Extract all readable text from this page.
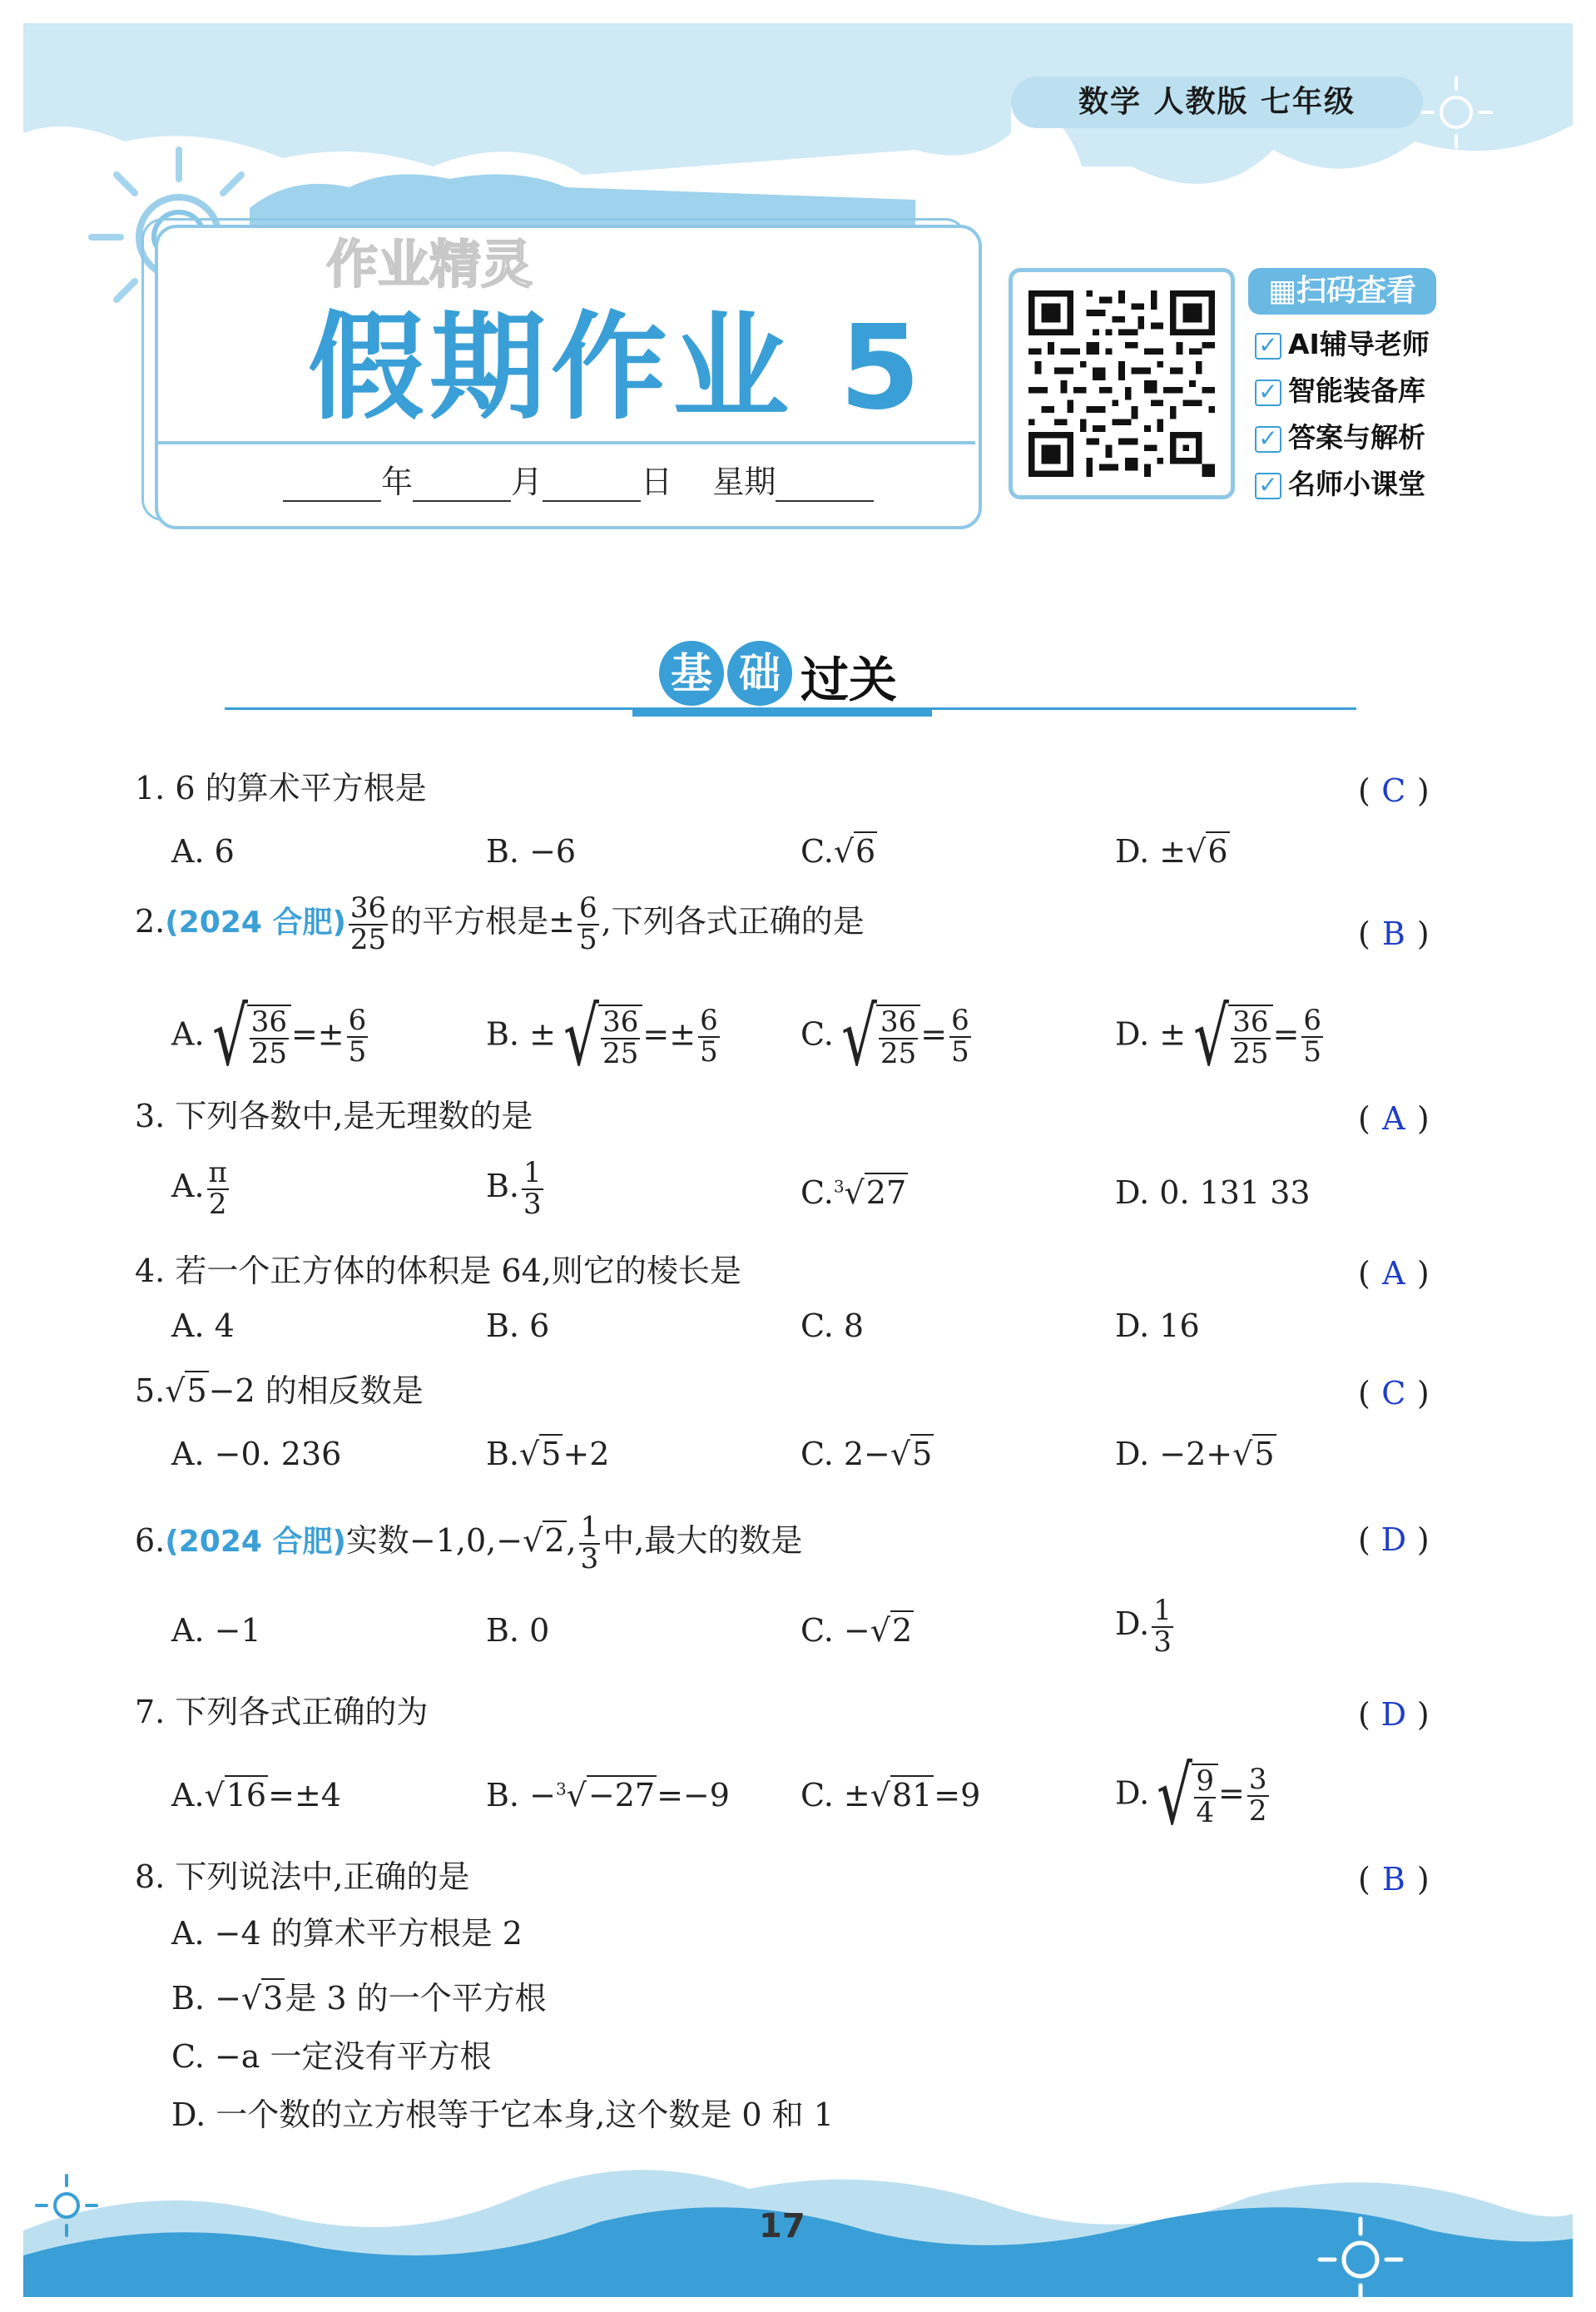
数学 人教版 七年级
作业精灵
假期作业 5
年	月	日 星期
▦扫码查看
✓ AI辅导老师
✓ 智能装备库
✓ 答案与解析
✓ 名师小课堂
基 础 过关
1. 6 的算术平方根是	( C )
A. 6	B. −6	C.√6	D. ±√6
2.(2024 合肥) $\frac{36}{25}$ 的平方根是± $\frac{6}{5}$ ,下列各式正确的是	( B )
$A.√ \frac{36}{25} =\pm \frac{6}{5}$	B. ±√ $\frac{36}{25} =\pm \frac{6}{5}$	$C.√ \frac{36}{25} = \frac{6}{5}$	D. ±√ $\frac{36}{25} = \frac{6}{5}$
3. 下列各数中,是无理数的是	( A )
A. $\frac{\pi}{2}$	B. $\frac{1}{3}$	C.$^3$√27	D. 0. 131 33
4. 若一个正方体的体积是 64,则它的棱长是	( A )
A. 4	B. 6	C. 8	D. 16
5.√5−2 的相反数是	( C )
A. −0. 236	B.√5+2	C. 2−√5	D. −2+√5
6.(2024 合肥)实数−1,0,−√2, $\frac{1}{3}$ 中,最大的数是	( D )
A. −1	B. 0	C. −√2	D. $\frac{1}{3}$
7. 下列各式正确的为	( D )
A.√16=±4	B. −$^3$√−27=−9 C. ±√81=9	$D.√ \frac{9}{4} = \frac{3}{2}$
8. 下列说法中,正确的是	( B )
A. −4 的算术平方根是 2
B. −√3是 3 的一个平方根
C. −a 一定没有平方根
D. 一个数的立方根等于它本身,这个数是 0 和 1
17
